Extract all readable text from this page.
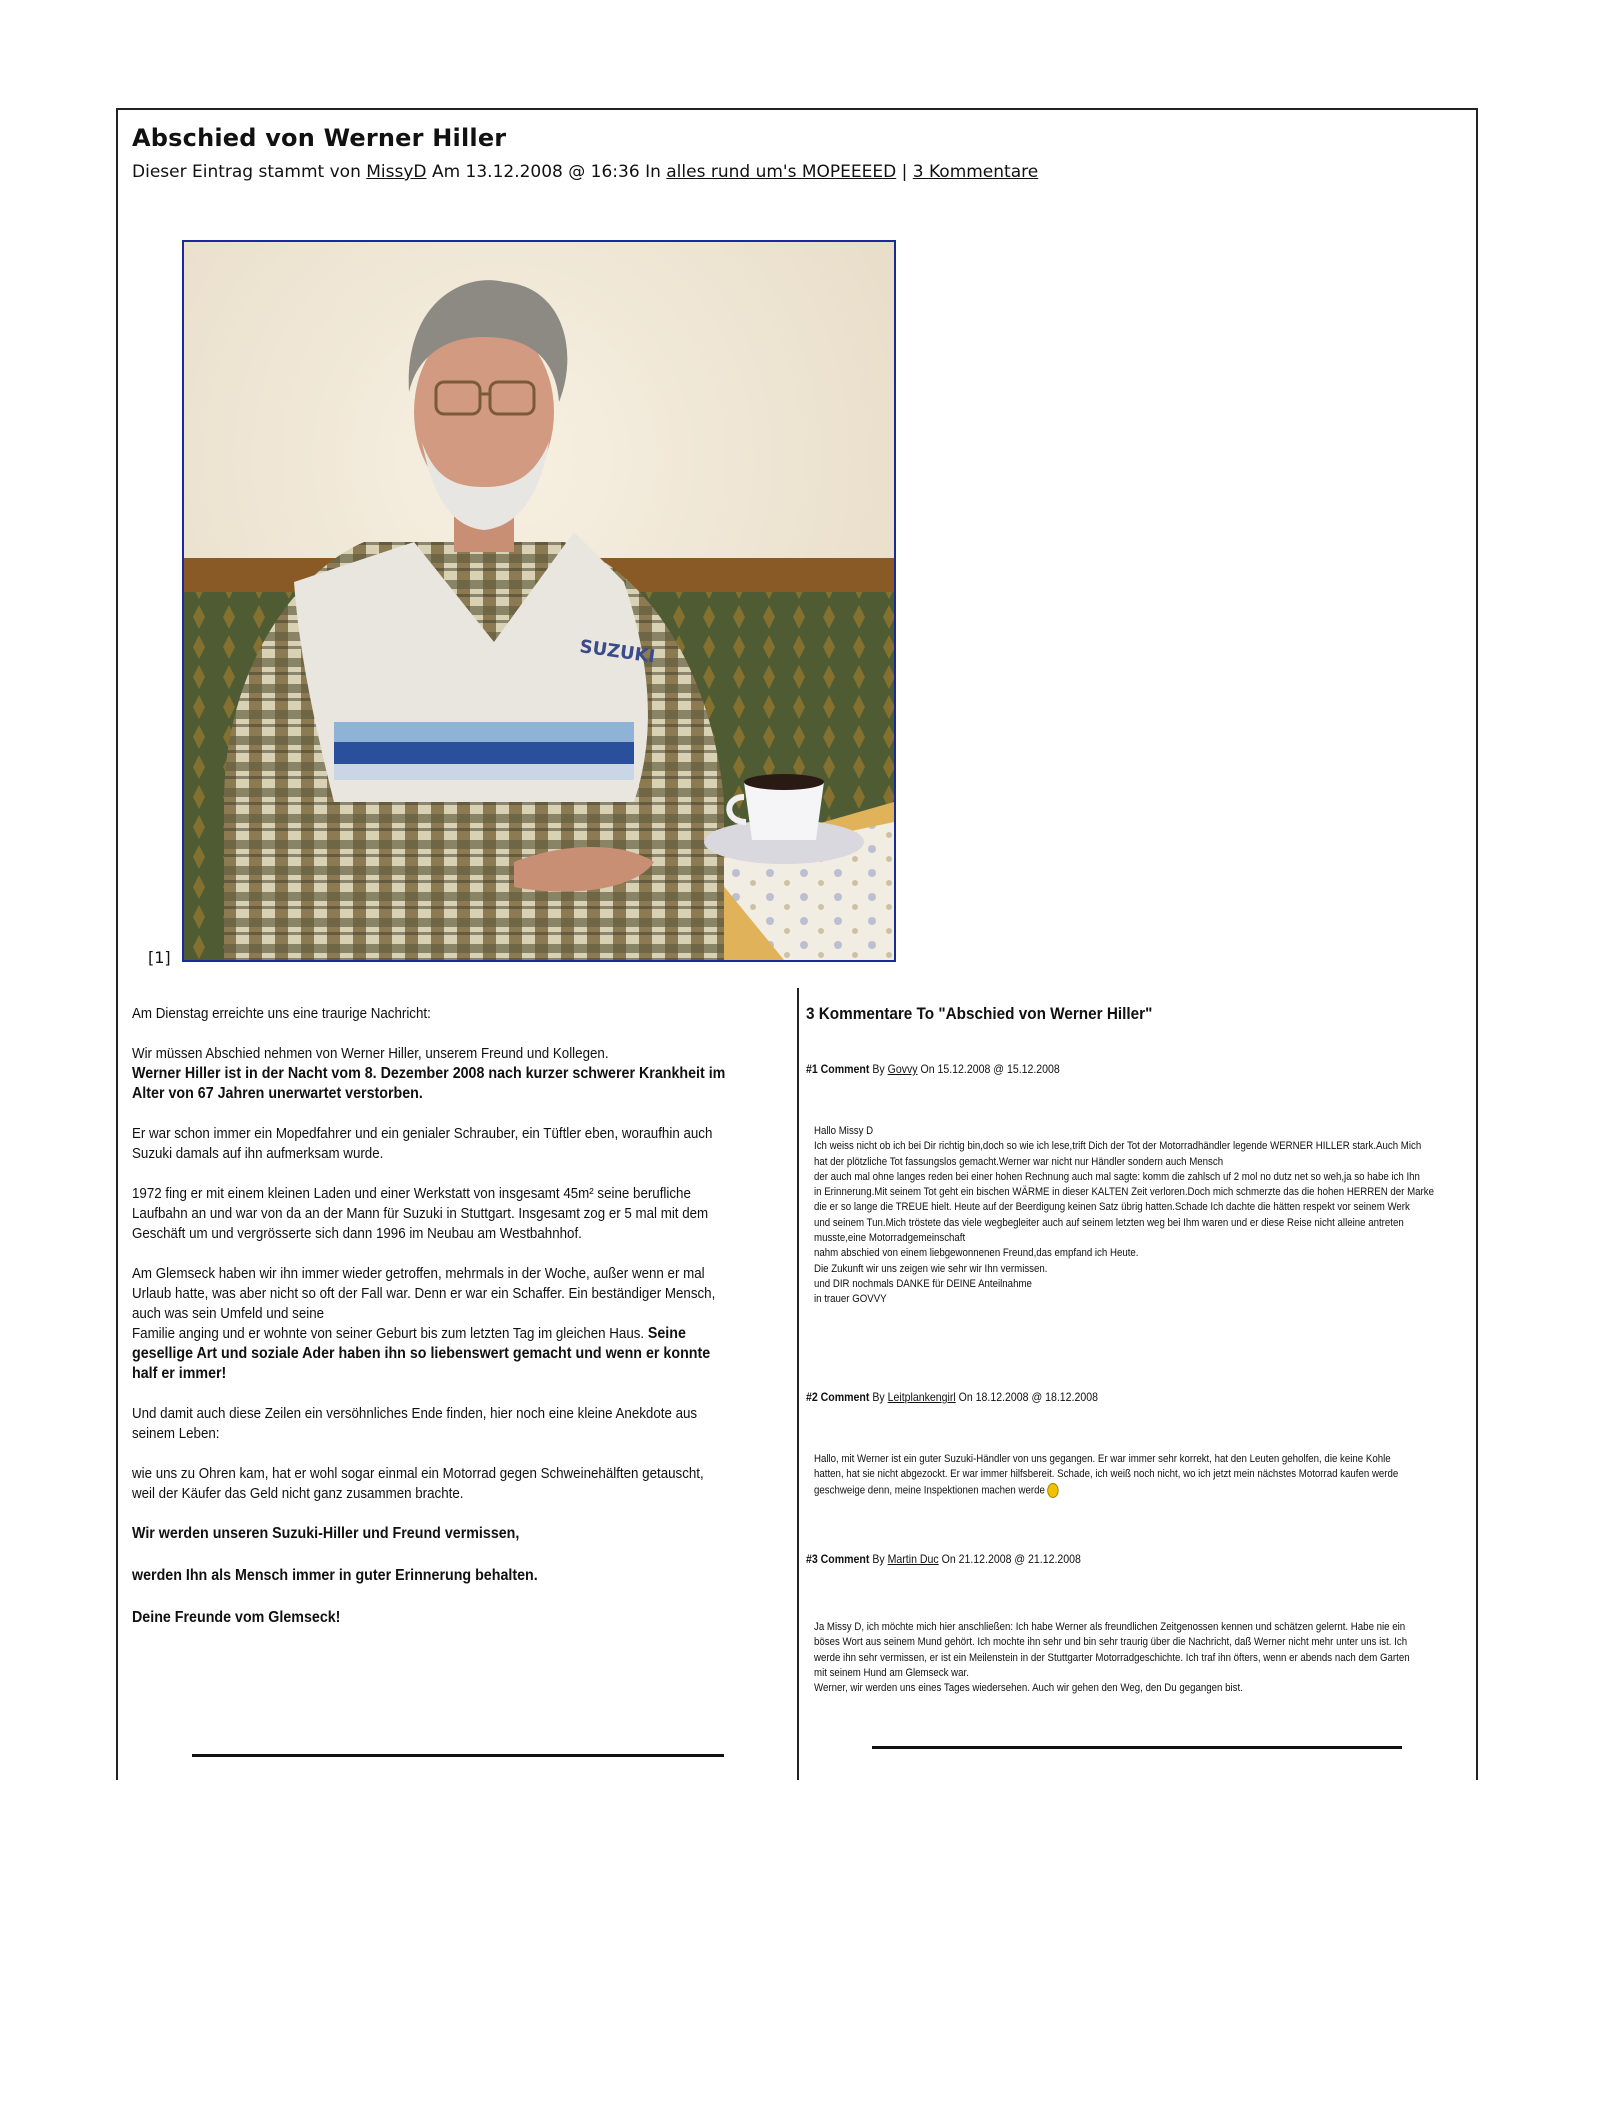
Abschied von Werner Hiller
Dieser Eintrag stammt von MissyD Am 13.12.2008 @ 16:36 In alles rund um's MOPEEEED | 3 Kommentare
SUZUKI
[1]

Am Dienstag erreichte uns eine traurige Nachricht:

Wir müssen Abschied nehmen von Werner Hiller, unserem Freund und Kollegen.
Werner Hiller ist in der Nacht vom 8. Dezember 2008 nach kurzer schwerer Krankheit im Alter von 67 Jahren unerwartet verstorben.

Er war schon immer ein Mopedfahrer und ein genialer Schrauber, ein Tüftler eben, woraufhin auch Suzuki damals auf ihn aufmerksam wurde.

1972 fing er mit einem kleinen Laden und einer Werkstatt von insgesamt 45m² seine berufliche Laufbahn an und war von da an der Mann für Suzuki in Stuttgart. Insgesamt zog er 5 mal mit dem Geschäft um und vergrösserte sich dann 1996 im Neubau am Westbahnhof.

Am Glemseck haben wir ihn immer wieder getroffen, mehrmals in der Woche, außer wenn er mal Urlaub hatte, was aber nicht so oft der Fall war. Denn er war ein Schaffer. Ein beständiger Mensch, auch was sein Umfeld und seine
Familie anging und er wohnte von seiner Geburt bis zum letzten Tag im gleichen Haus. Seine gesellige Art und soziale Ader haben ihn so liebenswert gemacht und wenn er konnte half er immer!

Und damit auch diese Zeilen ein versöhnliches Ende finden, hier noch eine kleine Anekdote aus seinem Leben:

wie uns zu Ohren kam, hat er wohl sogar einmal ein Motorrad gegen Schweinehälften getauscht, weil der Käufer das Geld nicht ganz zusammen brachte.

Wir werden unseren Suzuki-Hiller und Freund vermissen,

werden Ihn als Mensch immer in guter Erinnerung behalten.

Deine Freunde vom Glemseck!

3 Kommentare To "Abschied von Werner Hiller"
#1 Comment By Govvy On 15.12.2008 @ 15.12.2008
Hallo Missy D
Ich weiss nicht ob ich bei Dir richtig bin,doch so wie ich lese,trift Dich der Tot der Motorradhändler legende WERNER HILLER stark.Auch Mich
hat der plötzliche Tot fassungslos gemacht.Werner war nicht nur Händler sondern auch Mensch
der auch mal ohne langes reden bei einer hohen Rechnung auch mal sagte: komm die zahlsch uf 2 mol no dutz net so weh,ja so habe ich Ihn
in Erinnerung.Mit seinem Tot geht ein bischen WÄRME in dieser KALTEN Zeit verloren.Doch mich schmerzte das die hohen HERREN der Marke
die er so lange die TREUE hielt. Heute auf der Beerdigung keinen Satz übrig hatten.Schade Ich dachte die hätten respekt vor seinem Werk
und seinem Tun.Mich tröstete das viele wegbegleiter auch auf seinem letzten weg bei Ihm waren und er diese Reise nicht alleine antreten
musste,eine Motorradgemeinschaft
nahm abschied von einem liebgewonnenen Freund,das empfand ich Heute.
Die Zukunft wir uns zeigen wie sehr wir Ihn vermissen.
und DIR nochmals DANKE für DEINE Anteilnahme
in trauer GOVVY
#2 Comment By Leitplankengirl On 18.12.2008 @ 18.12.2008
Hallo, mit Werner ist ein guter Suzuki-Händler von uns gegangen. Er war immer sehr korrekt, hat den Leuten geholfen, die keine Kohle
hatten, hat sie nicht abgezockt. Er war immer hilfsbereit. Schade, ich weiß noch nicht, wo ich jetzt mein nächstes Motorrad kaufen werde
geschweige denn, meine Inspektionen machen werde
#3 Comment By Martin Duc On 21.12.2008 @ 21.12.2008
Ja Missy D, ich möchte mich hier anschließen: Ich habe Werner als freundlichen Zeitgenossen kennen und schätzen gelernt. Habe nie ein
böses Wort aus seinem Mund gehört. Ich mochte ihn sehr und bin sehr traurig über die Nachricht, daß Werner nicht mehr unter uns ist. Ich
werde ihn sehr vermissen, er ist ein Meilenstein in der Stuttgarter Motorradgeschichte. Ich traf ihn öfters, wenn er abends nach dem Garten
mit seinem Hund am Glemseck war.
Werner, wir werden uns eines Tages wiedersehen. Auch wir gehen den Weg, den Du gegangen bist.
